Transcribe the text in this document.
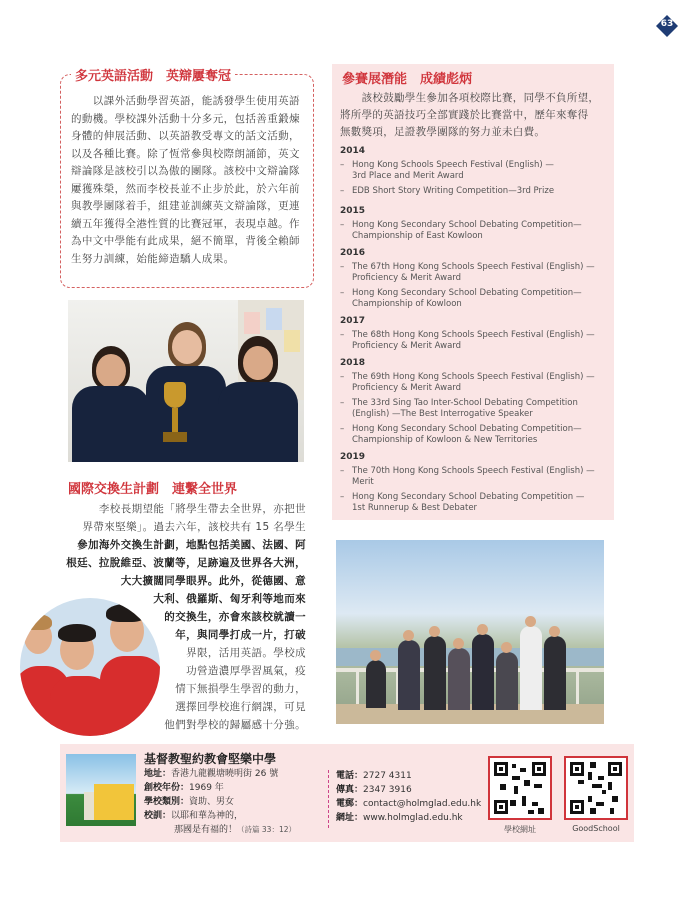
63
多元英語活動　英辯屢奪冠
　　以課外活動學習英語，能誘發學生使用英語
的動機。學校課外活動十分多元，包括善重鍛煉
身體的伸展活動、以英語教受專文的話文活動，
以及各種比賽。除了恆常參與校際朗誦節，英文
辯論隊是該校引以為傲的團隊。該校中文辯論隊
屢獲殊榮，然而李校長並不止步於此，於六年前
與教學團隊着手，組建並訓練英文辯論隊，更連
續五年獲得全港性質的比賽冠軍，表現卓越。作
為中文中學能有此成果，絕不簡單，背後全賴師
生努力訓練，始能締造驕人成果。
國際交換生計劃　連繫全世界
李校長期望能「將學生帶去全世界，亦把世
界帶來堅樂」。過去六年，該校共有 15 名學生
參加海外交換生計劃，地點包括美國、法國、阿
根廷、拉脫維亞、波蘭等，足跡遍及世界各大洲，
大大擴闊同學眼界。此外，從德國、意
大利、俄羅斯、匈牙利等地而來
的交換生，亦會來該校就讀一
年，與同學打成一片，打破
界限，活用英語。學校成
功營造濃厚學習風氣，疫
情下無損學生學習的動力，
選擇回學校進行網課，可見
他們對學校的歸屬感十分強。
參賽展潛能　成績彪炳
　　該校鼓勵學生參加各項校際比賽，同學不負所望，
將所學的英語技巧全部實踐於比賽當中，歷年來奪得
無數獎項，足證教學團隊的努力並未白費。
2014
– Hong Kong Schools Speech Festival (English) —
3rd Place and Merit Award
– EDB Short Story Writing Competition—3rd Prize
2015
– Hong Kong Secondary School Debating Competition—
Championship of East Kowloon
2016
– The 67th Hong Kong Schools Speech Festival (English) —
Proficiency & Merit Award
– Hong Kong Secondary School Debating Competition—
Championship of Kowloon
2017
– The 68th Hong Kong Schools Speech Festival (English) —
Proficiency & Merit Award
2018
– The 69th Hong Kong Schools Speech Festival (English) —
Proficiency & Merit Award
– The 33rd Sing Tao Inter-School Debating Competition
(English) —The Best Interrogative Speaker
– Hong Kong Secondary School Debating Competition—
Championship of Kowloon & New Territories
2019
– The 70th Hong Kong Schools Speech Festival (English) —
Merit
– Hong Kong Secondary School Debating Competition —
1st Runnerup & Best Debater
基督教聖約教會堅樂中學
地址：香港九龍觀塘曉明街 26 號
創校年份：1969 年
學校類別：資助、男女
校訓：以耶和華為神的，
那國是有福的！（詩篇 33：12）
電話：2727 4311
傳真：2347 3916
電郵：contact@holmglad.edu.hk
網址：www.holmglad.edu.hk
學校網址	GoodSchool
